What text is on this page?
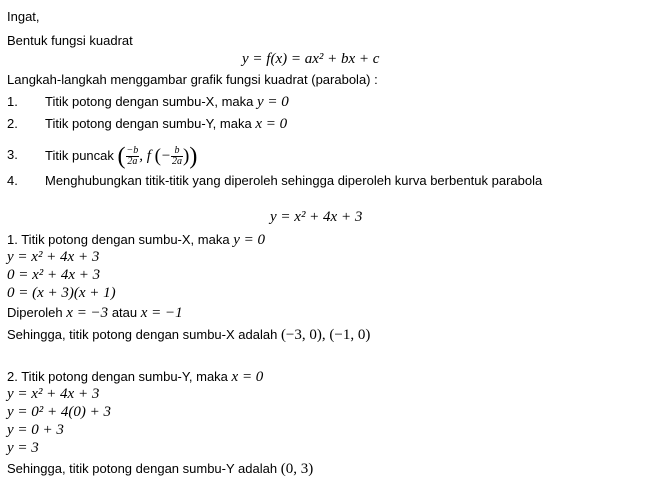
Ingat,
Bentuk fungsi kuadrat
y = f(x) = ax² + bx + c
Langkah-langkah menggambar grafik fungsi kuadrat (parabola) :
1. Titik potong dengan sumbu-X, maka y = 0
2. Titik potong dengan sumbu-Y, maka x = 0
3. Titik puncak ( $\frac{-b}{2a}$ , f (− $\frac{b}{2a}$ ))
4. Menghubungkan titik-titik yang diperoleh sehingga diperoleh kurva berbentuk parabola
y = x² + 4x + 3
1. Titik potong dengan sumbu-X, maka y = 0
y = x² + 4x + 3
0 = x² + 4x + 3
0 = (x + 3)(x + 1)
Diperoleh x = −3 atau x = −1
Sehingga, titik potong dengan sumbu-X adalah (−3, 0), (−1, 0)
2. Titik potong dengan sumbu-Y, maka x = 0
y = x² + 4x + 3
y = 0² + 4(0) + 3
y = 0 + 3
y = 3
Sehingga, titik potong dengan sumbu-Y adalah (0, 3)
